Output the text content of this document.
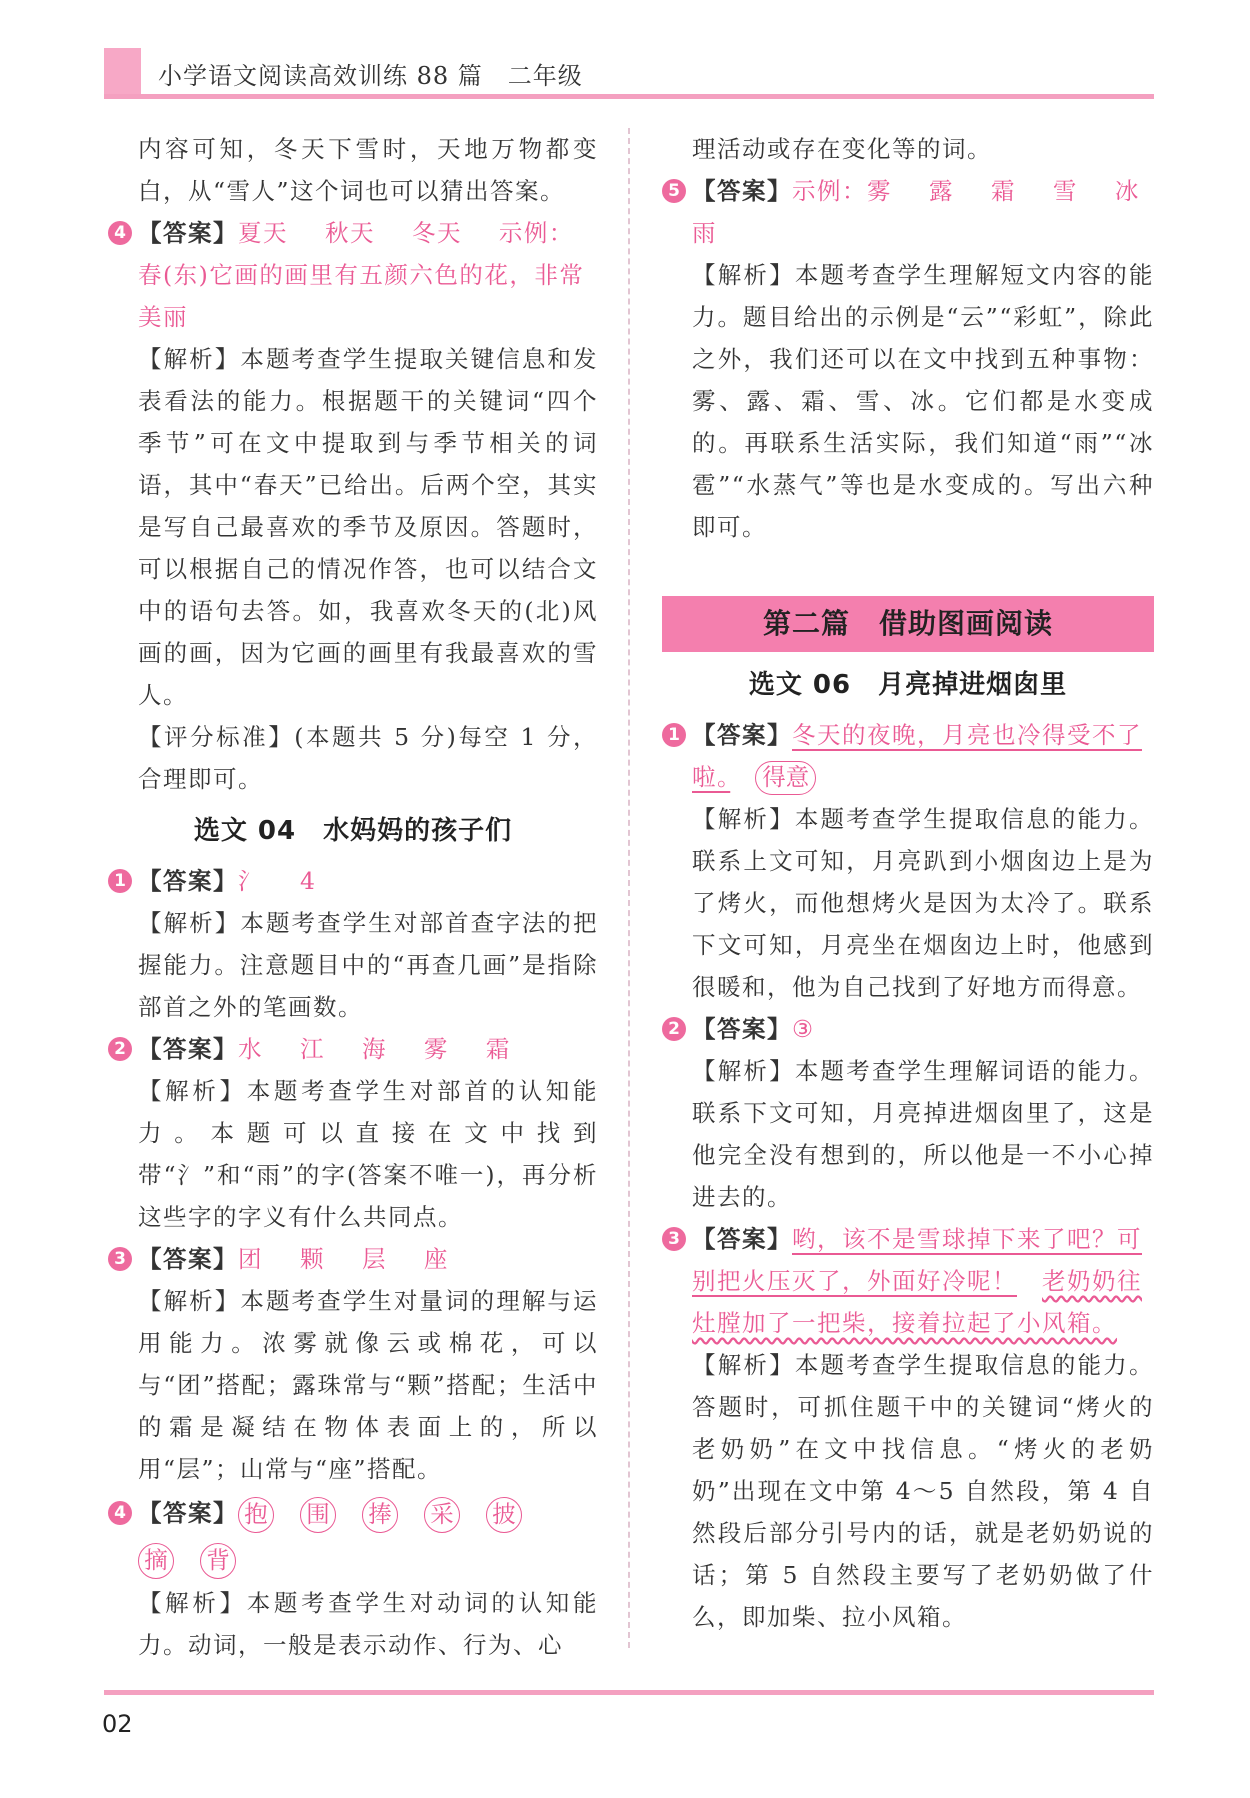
小学语文阅读高效训练 88 篇　二年级

内容可知，冬天下雪时，天地万物都变白，从“雪人”这个词也可以猜出答案。

4 【答案】夏天 秋天 冬天 示例：春(东)它画的画里有五颜六色的花，非常美丽

【解析】本题考查学生提取关键信息和发表看法的能力。根据题干的关键词“四个季节”可在文中提取到与季节相关的词语，其中“春天”已给出。后两个空，其实是写自己最喜欢的季节及原因。答题时，可以根据自己的情况作答，也可以结合文中的语句去答。如，我喜欢冬天的(北)风画的画，因为它画的画里有我最喜欢的雪人。

【评分标准】(本题共 5 分)每空 1 分，合理即可。

选文 04　水妈妈的孩子们

1 【答案】氵 4

【解析】本题考查学生对部首查字法的把握能力。注意题目中的“再查几画”是指除部首之外的笔画数。

2 【答案】水 江 海 雾 霜

【解析】本题考查学生对部首的认知能力。本题可以直接在文中找到带“氵”和“雨”的字(答案不唯一)，再分析这些字的字义有什么共同点。

3 【答案】团 颗 层 座

【解析】本题考查学生对量词的理解与运用能力。浓雾就像云或棉花，可以与“团”搭配；露珠常与“颗”搭配；生活中的霜是凝结在物体表面上的，所以用“层”；山常与“座”搭配。

4 【答案】 抱 围 捧 采 披
摘 背

【解析】本题考查学生对动词的认知能力。动词，一般是表示动作、行为、心

理活动或存在变化等的词。

5 【答案】示例：雾 露 霜 雪 冰 雨

【解析】本题考查学生理解短文内容的能力。题目给出的示例是“云”“彩虹”，除此之外，我们还可以在文中找到五种事物：雾、露、霜、雪、冰。它们都是水变成的。再联系生活实际，我们知道“雨”“冰雹”“水蒸气”等也是水变成的。写出六种即可。

第二篇　借助图画阅读

选文 06　月亮掉进烟囱里

1 【答案】冬天的夜晚，月亮也冷得受不了啦。　 得意

【解析】本题考查学生提取信息的能力。联系上文可知，月亮趴到小烟囱边上是为了烤火，而他想烤火是因为太冷了。联系下文可知，月亮坐在烟囱边上时，他感到很暖和，他为自己找到了好地方而得意。

2 【答案】③

【解析】本题考查学生理解词语的能力。联系下文可知，月亮掉进烟囱里了，这是他完全没有想到的，所以他是一不小心掉进去的。

3 【答案】哟，该不是雪球掉下来了吧？可别把火压灭了，外面好冷呢！　 老奶奶往灶膛加了一把柴，接着拉起了小风箱。

【解析】本题考查学生提取信息的能力。答题时，可抓住题干中的关键词“烤火的老奶奶”在文中找信息。“烤火的老奶奶”出现在文中第 4～5 自然段，第 4 自然段后部分引号内的话，就是老奶奶说的话；第 5 自然段主要写了老奶奶做了什么，即加柴、拉小风箱。

02
